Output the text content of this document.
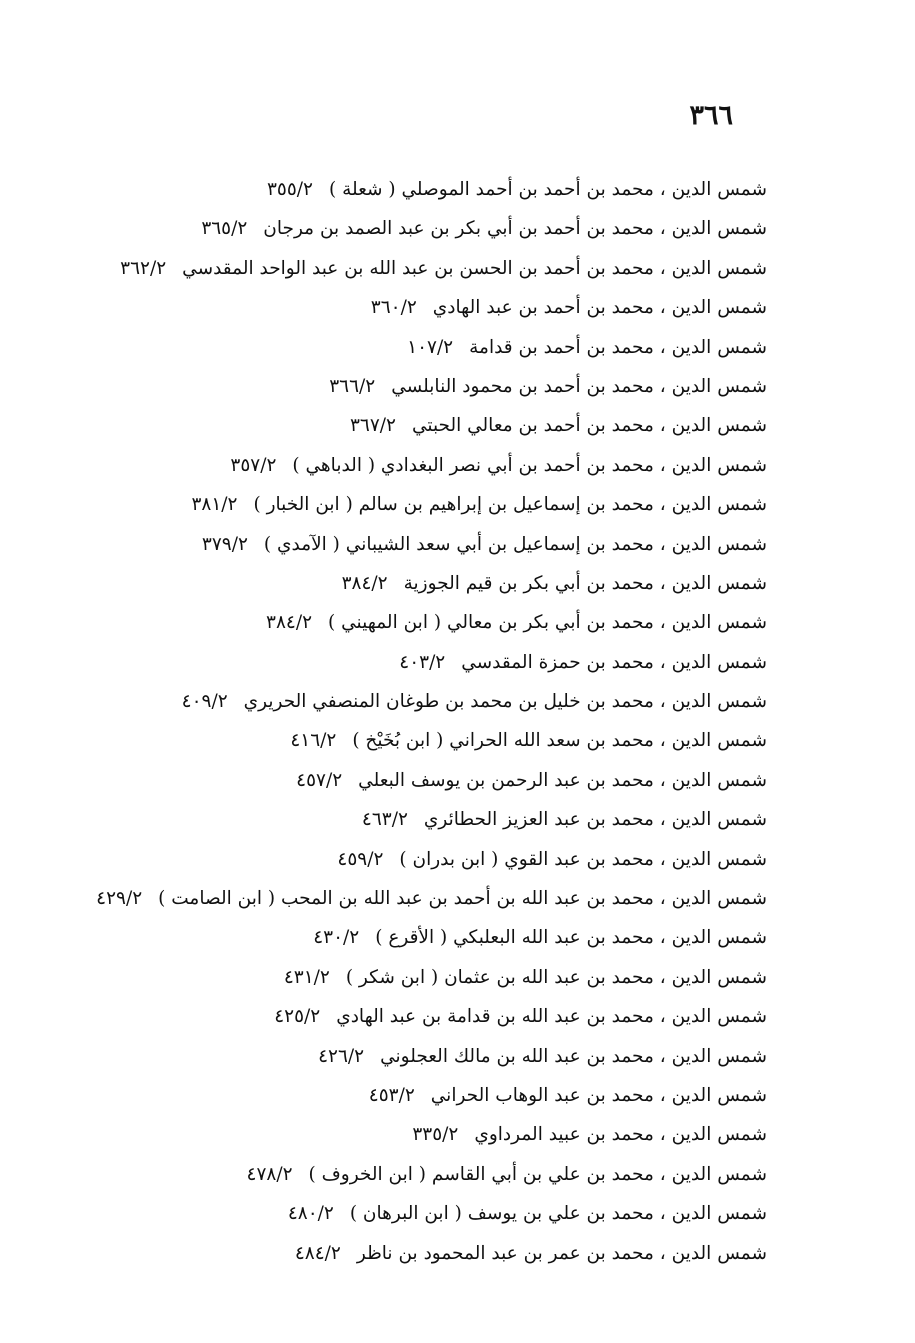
٣٦٦
شمس الدين ، محمد بن أحمد بن أحمد الموصلي ( شعلة )٣٥٥/٢
شمس الدين ، محمد بن أحمد بن أبي بكر بن عبد الصمد بن مرجان٣٦٥/٢
شمس الدين ، محمد بن أحمد بن الحسن بن عبد الله بن عبد الواحد المقدسي٣٦٢/٢
شمس الدين ، محمد بن أحمد بن عبد الهادي٣٦٠/٢
شمس الدين ، محمد بن أحمد بن قدامة١٠٧/٢
شمس الدين ، محمد بن أحمد بن محمود النابلسي٣٦٦/٢
شمس الدين ، محمد بن أحمد بن معالي الحبتي٣٦٧/٢
شمس الدين ، محمد بن أحمد بن أبي نصر البغدادي ( الدباهي )٣٥٧/٢
شمس الدين ، محمد بن إسماعيل بن إبراهيم بن سالم ( ابن الخبار )٣٨١/٢
شمس الدين ، محمد بن إسماعيل بن أبي سعد الشيباني ( الآمدي )٣٧٩/٢
شمس الدين ، محمد بن أبي بكر بن قيم الجوزية٣٨٤/٢
شمس الدين ، محمد بن أبي بكر بن معالي ( ابن المهيني )٣٨٤/٢
شمس الدين ، محمد بن حمزة المقدسي٤٠٣/٢
شمس الدين ، محمد بن خليل بن محمد بن طوغان المنصفي الحريري٤٠٩/٢
شمس الدين ، محمد بن سعد الله الحراني ( ابن بُخَيْخ )٤١٦/٢
شمس الدين ، محمد بن عبد الرحمن بن يوسف البعلي٤٥٧/٢
شمس الدين ، محمد بن عبد العزيز الحطائري٤٦٣/٢
شمس الدين ، محمد بن عبد القوي ( ابن بدران )٤٥٩/٢
شمس الدين ، محمد بن عبد الله بن أحمد بن عبد الله بن المحب ( ابن الصامت )٤٢٩/٢
شمس الدين ، محمد بن عبد الله البعلبكي ( الأقرع )٤٣٠/٢
شمس الدين ، محمد بن عبد الله بن عثمان ( ابن شكر )٤٣١/٢
شمس الدين ، محمد بن عبد الله بن قدامة بن عبد الهادي٤٢٥/٢
شمس الدين ، محمد بن عبد الله بن مالك العجلوني٤٢٦/٢
شمس الدين ، محمد بن عبد الوهاب الحراني٤٥٣/٢
شمس الدين ، محمد بن عبيد المرداوي٣٣٥/٢
شمس الدين ، محمد بن علي بن أبي القاسم ( ابن الخروف )٤٧٨/٢
شمس الدين ، محمد بن علي بن يوسف ( ابن البرهان )٤٨٠/٢
شمس الدين ، محمد بن عمر بن عبد المحمود بن ناظر٤٨٤/٢
